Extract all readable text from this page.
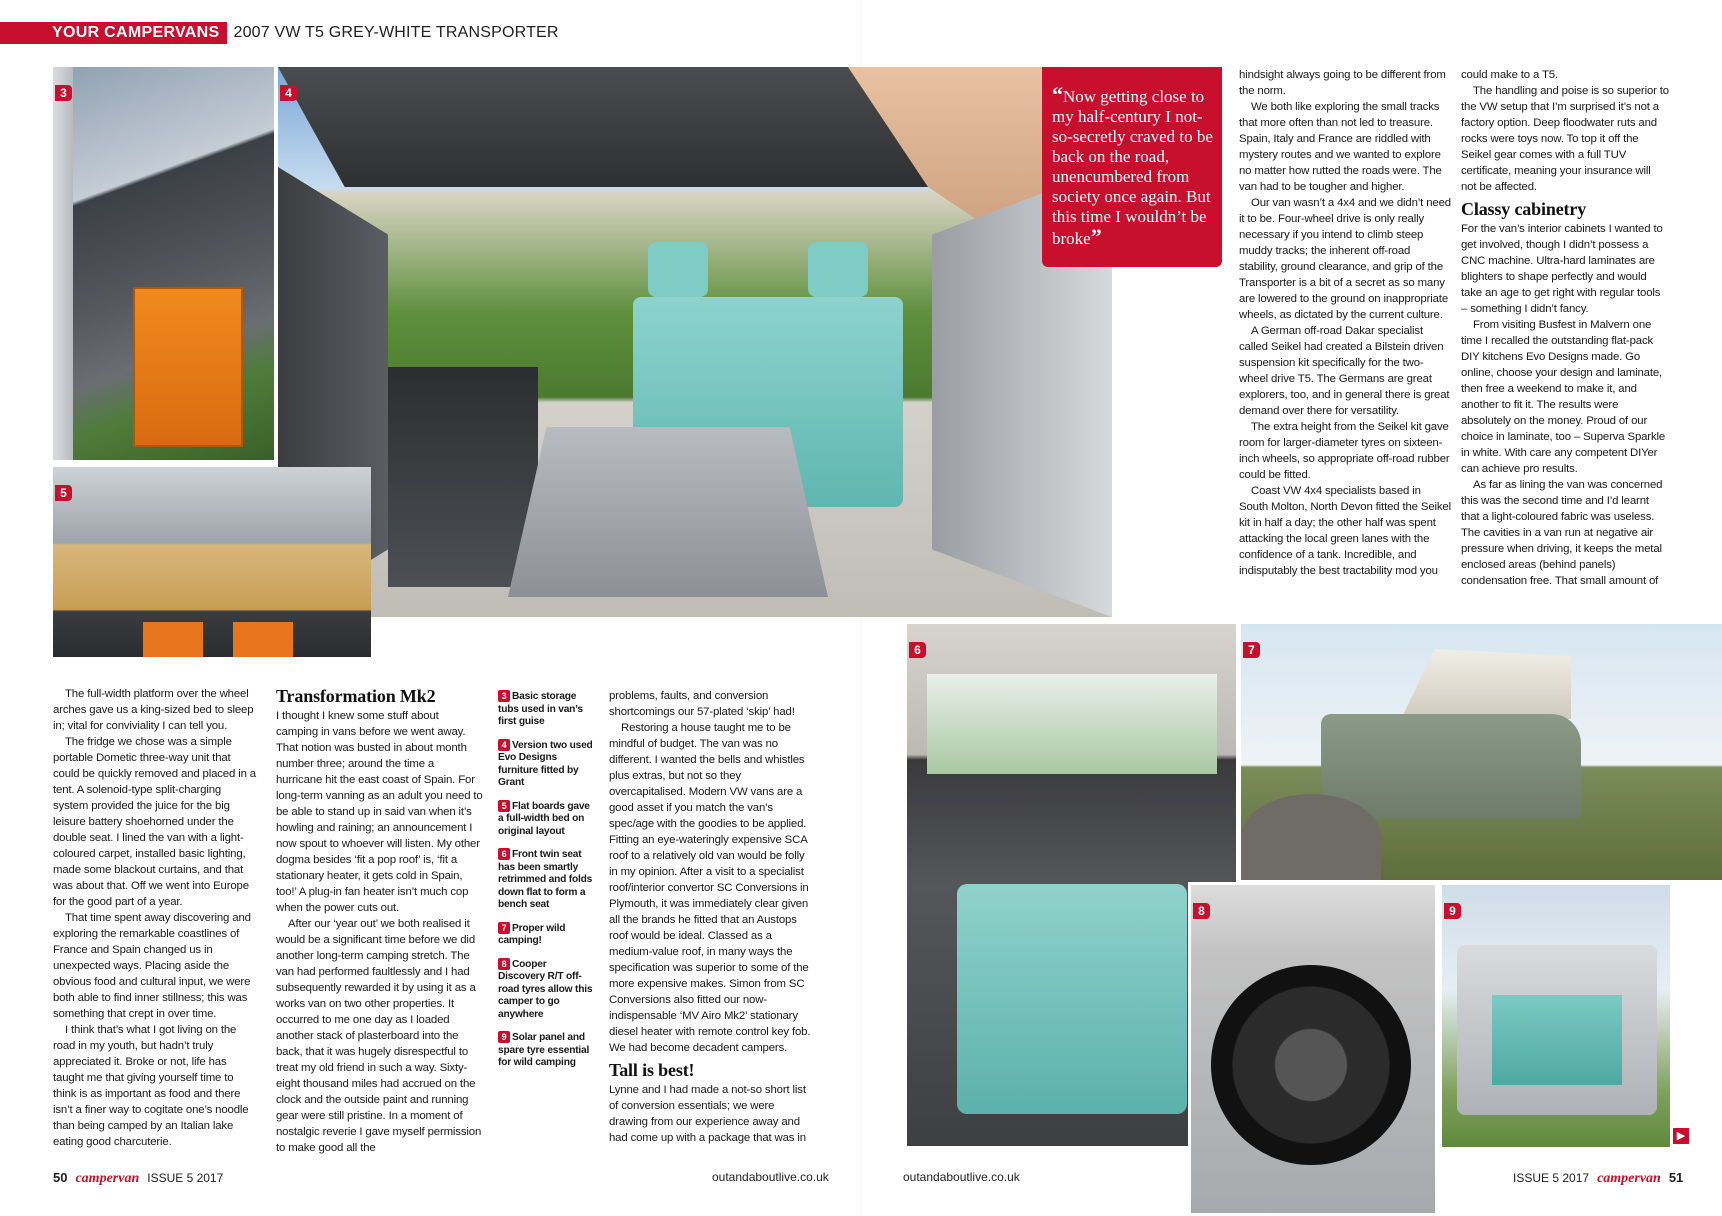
YOUR CAMPERVANS 2007 VW T5 GREY-WHITE TRANSPORTER
3	4	“Now getting close to my half-century I not-so-secretly craved to be back on the road, unencumbered from society once again. But this time I wouldn’t be broke”
5

The full-width platform over the wheel arches gave us a king-sized bed to sleep in; vital for conviviality I can tell you.

The fridge we chose was a simple portable Dometic three-way unit that could be quickly removed and placed in a tent. A solenoid-type split-charging system provided the juice for the big leisure battery shoehorned under the double seat. I lined the van with a light-coloured carpet, installed basic lighting, made some blackout curtains, and that was about that. Off we went into Europe for the good part of a year.

That time spent away discovering and exploring the remarkable coastlines of France and Spain changed us in unexpected ways. Placing aside the obvious food and cultural input, we were both able to find inner stillness; this was something that crept in over time.

I think that’s what I got living on the road in my youth, but hadn’t truly appreciated it. Broke or not, life has taught me that giving yourself time to think is as important as food and there isn’t a finer way to cogitate one’s noodle than being camped by an Italian lake eating good charcuterie.

Transformation Mk2

I thought I knew some stuff about camping in vans before we went away. That notion was busted in about month number three; around the time a hurricane hit the east coast of Spain. For long-term vanning as an adult you need to be able to stand up in said van when it’s howling and raining; an announcement I now spout to whoever will listen. My other dogma besides ‘fit a pop roof’ is, ‘fit a stationary heater, it gets cold in Spain, too!’ A plug-in fan heater isn’t much cop when the power cuts out.

After our ‘year out’ we both realised it would be a significant time before we did another long-term camping stretch. The van had performed faultlessly and I had subsequently rewarded it by using it as a works van on two other properties. It occurred to me one day as I loaded another stack of plasterboard into the back, that it was hugely disrespectful to treat my old friend in such a way. Sixty-eight thousand miles had accrued on the clock and the outside paint and running gear were still pristine. In a moment of nostalgic reverie I gave myself permission to make good all the

3 Basic storage tubs used in van’s first guise
4 Version two used Evo Designs furniture fitted by Grant
5 Flat boards gave a full-width bed on original layout
6 Front twin seat has been smartly retrimmed and folds down flat to form a bench seat
7 Proper wild camping!
8 Cooper Discovery R/T off-road tyres allow this camper to go anywhere
9 Solar panel and spare tyre essential for wild camping

problems, faults, and conversion shortcomings our 57-plated ‘skip’ had!

Restoring a house taught me to be mindful of budget. The van was no different. I wanted the bells and whistles plus extras, but not so they overcapitalised. Modern VW vans are a good asset if you match the van’s spec/age with the goodies to be applied. Fitting an eye-wateringly expensive SCA roof to a relatively old van would be folly in my opinion. After a visit to a specialist roof/interior convertor SC Conversions in Plymouth, it was immediately clear given all the brands he fitted that an Austops roof would be ideal. Classed as a medium-value roof, in many ways the specification was superior to some of the more expensive makes. Simon from SC Conversions also fitted our now-indispensable ‘MV Airo Mk2’ stationary diesel heater with remote control key fob. We had become decadent campers.

Tall is best!

Lynne and I had made a not-so short list of conversion essentials; we were drawing from our experience away and had come up with a package that was in

hindsight always going to be different from the norm.

We both like exploring the small tracks that more often than not led to treasure. Spain, Italy and France are riddled with mystery routes and we wanted to explore no matter how rutted the roads were. The van had to be tougher and higher.

Our van wasn’t a 4x4 and we didn’t need it to be. Four-wheel drive is only really necessary if you intend to climb steep muddy tracks; the inherent off-road stability, ground clearance, and grip of the Transporter is a bit of a secret as so many are lowered to the ground on inappropriate wheels, as dictated by the current culture.

A German off-road Dakar specialist called Seikel had created a Bilstein driven suspension kit specifically for the two-wheel drive T5. The Germans are great explorers, too, and in general there is great demand over there for versatility.

The extra height from the Seikel kit gave room for larger-diameter tyres on sixteen-inch wheels, so appropriate off-road rubber could be fitted.

Coast VW 4x4 specialists based in South Molton, North Devon fitted the Seikel kit in half a day; the other half was spent attacking the local green lanes with the confidence of a tank. Incredible, and indisputably the best tractability mod you

could make to a T5.

The handling and poise is so superior to the VW setup that I’m surprised it’s not a factory option. Deep floodwater ruts and rocks were toys now. To top it off the Seikel gear comes with a full TUV certificate, meaning your insurance will not be affected.

Classy cabinetry

For the van’s interior cabinets I wanted to get involved, though I didn’t possess a CNC machine. Ultra-hard laminates are blighters to shape perfectly and would take an age to get right with regular tools – something I didn’t fancy.

From visiting Busfest in Malvern one time I recalled the outstanding flat-pack DIY kitchens Evo Designs made. Go online, choose your design and laminate, then free a weekend to make it, and another to fit it. The results were absolutely on the money. Proud of our choice in laminate, too – Superva Sparkle in white. With care any competent DIYer can achieve pro results.

As far as lining the van was concerned this was the second time and I’d learnt that a light-coloured fabric was useless. The cavities in a van run at negative air pressure when driving, it keeps the metal enclosed areas (behind panels) condensation free. That small amount of

6	7
8	9
▶
50 campervan ISSUE 5 2017	outandaboutlive.co.uk	outandaboutlive.co.uk	ISSUE 5 2017 campervan 51
